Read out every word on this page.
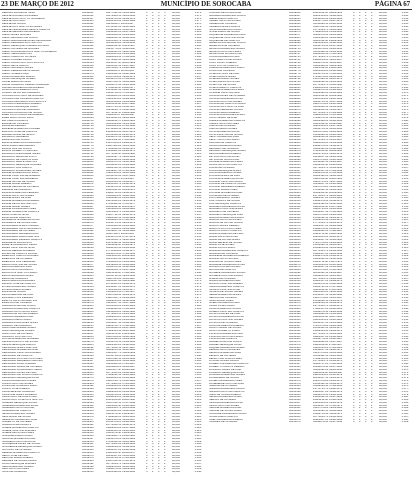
23 DE MARÇO DE 2012	MUNICÍPIO DE SOROCABA	PÁGINA 67
DEBORA SALVADOR SILVA	02348821	42277691-9P 13/03/1986	0	1	5	5	86,000	1.273º
DENISE BORGES NOGUEIRA	02348412	42372683-5P 19/05/1990	0	6	0	5	86,000	1.275º
DENISE BORTOLOTTO NOGUEIRA	02348417	28441700-9P 02/09/1976	2	0	6	3	86,000	1.276º
DENISE CASTILHO	02348425	40001523-6P 03/06/1988	4	3	3	1	86,000	1.277º
DENISE DE SOUZA	02348431	39211840-X 16/10/1987	2	4	1	6	86,000	1.278º
DENISE DOS SANTOS ESTEVES	02348441	33754121-3P 18/12/1984	4	2	1	4	86,000	1.279º
DENISE FERNANDES LEMOS CAMPOS	02348444	25598432-8P 05/11/1975	0	5	4	5	86,000	1.280º
DENISE MENDES DE ALMEIDA	02348451	41290021-2P 28/07/1989	3	3	3	2	86,000	1.281º
DIEGO ALVES BORGES	02348461	32180046-9P 22/04/1983	5	0	1	5	86,000	1.282º
DIEGO LEANDRO DE SOUZA	02348473	44980051-1P 30/08/1991	1	6	2	4	86,000	1.283º
DIEGO ALEXANDRE ALVES DE ARRUDA	02348477	40125543-7P 10/02/1988	2	4	5	0	86,000	1.284º
DIEGO FERREIRA DOS SANTOS	02348489	42190233-8P 14/09/1990	6	0	1	4	86,000	1.285º
DIEGO HENRIQUE CORREIA DA SILVA	02348491	39988114-3P 05/05/1987	4	2	4	3	86,000	1.286º
DIEGO OLIVEIRA DE MORAES	02348502	43215770-2P 11/11/1990	5	1	3	2	86,000	1.287º
DIEGO RODRIGUES DOS SANTOS ALMEIDA	02348512	45560021-0P 09/12/1991	2	5	3	3	86,000	1.288º
DIEGO VIEIRA MARTINS	02348521	38991455-6P 21/03/1986	0	6	4	3	86,000	1.289º
DIEGO CARDOSO DA SILVA	02348529	42880034-1P 17/06/1990	3	2	5	3	86,000	1.290º
DIEGO CORREA PRADO	02348535	41778622-9P 30/10/1989	4	4	0	2	86,000	1.291º
DIEGO FRANCISCO DOS SANTOS	02348544	40910117-0P 08/01/1989	6	1	2	4	86,000	1.292º
DIEGO LEITE RAMOS	02348549	39120551-5P 29/07/1987	5	3	0	3	86,000	1.293º
DIEGO MACHADO ALVES	02348561	42675230-7P 25/11/1990	2	6	3	1	86,000	1.294º
DIEGO PEREIRA DE OLIVEIRA	02348567	43991201-X 12/04/1991	1	4	6	3	86,000	1.295º
DIEGO SOARES LIMA	02348574	41003322-4P 03/02/1989	4	2	4	4	86,000	1.296º
DILMA APARECIDA BUENO	02348582	22567014-8P 19/08/1971	6	0	5	1	86,000	1.297º
DIOGO HENRIQUE GOMES	02348591	44012371-6P 27/09/1991	3	5	1	3	86,000	1.298º
DIONE BARBOSA SILVA	02348600	40087312-5P 14/06/1988	5	2	3	2	86,000	1.299º
DIRCE CAMARGO RIBEIRO ANDRADE	02348604	18620871-3P 06/10/1968	4	4	2	3	86,000	1.300º
DIRCEIA APARECIDA DE ALMEIDA	02348613	27541190-6P 22/02/1977	3	3	4	1	86,000	1.301º
DORA LUCIA PEREIRA PINTO	02348622	20156832-1P 03/12/1969	6	2	2	2	86,000	1.302º
DORACI DE FATIMA CAMARGO	02348628	19340718-0P 17/04/1967	2	4	5	2	86,000	1.303º
DOUGLAS ANTONIO DE MORAES	02348635	43345201-2P 28/05/1991	5	1	4	3	86,000	1.304º
DOUGLAS DE OLIVEIRA CAMPOS	02348641	41921455-0P 10/09/1989	3	5	2	4	86,000	1.305º
DOUGLAS EDUARDO DOS SANTOS	02348648	40344519-8P 01/03/1988	4	3	3	4	86,000	1.306º
DOUGLAS FERNANDO RIBEIRO	02348657	42110236-9P 18/07/1990	6	1	1	4	86,000	1.307º
DOUGLAS HENRIQUE PIRES	02348663	39657720-3P 26/11/1987	2	5	4	2	86,000	1.308º
DOUGLAS LIMA DE CAMARGO	02348672	44219833-7P 05/02/1992	4	4	1	3	86,000	1.309º
DOUGLAS RODRIGO DE SOUZA	02348681	40772211-5P 14/08/1988	3	2	6	2	86,000	1.310º
EDER LUIS FOGACA DE ALMEIDA	02348690	31880165-X 30/09/1982	5	3	2	3	86,000	1.311º
EDER MARTINS DA SILVA	02348694	38456621-2P 09/06/1986	1	6	3	4	86,000	1.312º
EDI CARLOS RAMOS	02348703	33908211-7P 23/01/1985	4	2	5	2	86,000	1.313º
EDIANE DE OLIVEIRA	02348710	42561024-4P 15/05/1990	6	3	0	3	86,000	1.314º
EDILAINE MENDES	02348718	43001845-6P 27/10/1990	2	5	2	4	86,000	1.315º
EDILENE APARECIDA CORREA	02348726	29712440-1P 12/03/1979	3	4	3	3	86,000	1.316º
EDILSON JOSE DE CAMPOS	02348732	24891006-9P 04/07/1974	5	1	4	2	86,000	1.317º
EDINEIA MARIA DE JESUS	02348740	26553190-3P 20/12/1976	4	3	1	5	86,000	1.318º
EDIVALDO FERREIRA	02348749	23340871-5P 08/08/1973	3	6	1	2	86,000	1.319º
EDMILSON DE SOUZA	02348756	30114562-0P 17/02/1980	6	2	3	1	86,000	1.320º
EDNA APARECIDA RODRIGUES	02348763	21447809-2P 29/09/1970	2	4	4	4	86,000	1.321º
EDNA MARIA BERNARDES	02348770	19887301-8P 13/05/1968	4	5	1	3	86,000	1.322º
EDSON LUIZ DE SOUZA	02348779	27006612-4P 01/11/1976	5	2	2	4	86,000	1.323º
EDSON ROBERTO PRESTES	02348785	25338901-6P 24/06/1975	3	3	5	2	86,000	1.324º
EDUARDO ALEXANDRE SALES	02348791	42776110-3P 06/03/1990	1	6	4	2	86,000	1.325º
EDUARDO BARBOSA PINTO	02348799	41200397-7P 19/01/1989	4	4	3	2	86,000	1.326º
EDUARDO DE CAMPOS LIMA	02348806	43668912-0P 02/08/1991	6	1	4	3	86,000	1.327º
EDUARDO FELIPE MARTINS	02348813	44120571-5P 16/12/1991	2	5	5	1	86,000	1.328º
EDUARDO HENRIQUE BORGES	02348821	40566231-8P 25/04/1988	5	3	2	3	86,000	1.329º
EDUARDO LUIZ RAMOS	02348829	39004512-1P 11/10/1986	3	4	4	2	86,000	1.330º
EDUARDO RODRIGUES NUNES	02348836	42339087-4P 07/06/1990	4	2	6	1	86,000	1.331º
ELAINE APARECIDA DA SILVA	02348842	31224509-2P 30/01/1982	6	3	1	3	86,000	1.332º
ELAINE CRISTINA DE ALMEIDA	02348850	30556781-6P 14/07/1981	2	6	2	3	86,000	1.333º
ELAINE CRISTINA FERREIRA	02348857	32908112-X 27/03/1983	5	2	3	3	86,000	1.334º
ELAINE FATIMA DE SOUZA	02348864	28001456-3P 10/09/1977	3	5	3	2	86,000	1.335º
ELAINE MARIA RIBEIRO	02348872	29445120-7P 22/02/1979	4	3	4	2	86,000	1.336º
ELAINE REGINA DE OLIVEIRA	02348878	33012378-5P 05/11/1984	1	5	5	2	86,000	1.337º
ELENICE DE CAMARGO	02348885	26110954-0P 18/04/1976	6	1	2	4	86,000	1.338º
ELIANA APARECIDA PEREIRA	02348891	24880712-8P 29/08/1974	3	4	3	3	86,000	1.339º
ELIANA CRISTINA GOMES	02348899	31665204-1P 11/12/1982	5	2	4	2	86,000	1.340º
ELIANE ALVES DE LIMA	02348906	32004891-6P 24/05/1983	2	6	1	4	86,000	1.341º
ELIANE APARECIDA MOREIRA	02348913	29878651-2P 03/10/1979	4	3	5	1	86,000	1.342º
ELIANE DE FATIMA SANTOS	02348920	27334402-9P 17/01/1977	6	2	3	2	86,000	1.343º
ELIANE MARIA NUNES	02348927	28669011-4P 28/06/1978	3	5	2	3	86,000	1.344º
ELIANE RODRIGUES PIRES	02348935	33451208-0P 08/03/1985	5	4	0	4	86,000	1.345º
ELIANE SOARES DE CAMPOS	02348941	30221984-7P 21/09/1980	2	4	4	3	86,000	1.346º
ELIAS JOSE DA SILVA	02348948	25907731-5P 04/02/1976	4	3	3	3	86,000	1.347º
ELISA MARIA PRESTES	02348956	41880122-3P 15/08/1989	6	1	5	2	86,000	1.348º
ELISABETE APARECIDA ROSA	02348962	21008843-1P 27/11/1970	3	6	2	2	86,000	1.349º
ELISABETE DE SOUZA LIMA	02348970	22334715-6P 09/05/1972	5	2	2	4	86,000	1.350º
ELISANGELA ALVES CORREA	02348977	31445960-9P 20/10/1982	1	5	4	3	86,000	1.351º
ELISANGELA CRISTINA RAMOS	02348984	32778104-2P 01/04/1984	4	4	2	3	86,000	1.352º
ELISANGELA DE OLIVEIRA	02348991	33109857-5P 13/09/1984	6	2	4	1	86,000	1.353º
ELISANGELA FERREIRA DIAS	02348999	30887412-X 26/02/1981	2	5	3	3	86,000	1.354º
ELISANGELA MARIA MARTINS	02349006	29334570-1P 07/07/1979	3	3	5	2	86,000	1.355º
ELISANGELA PEREIRA CAMPOS	02349012	32456018-7P 19/12/1983	5	4	1	3	86,000	1.356º
ELIZABETE FRANCISCO	02349020	20678432-4P 30/05/1969	4	2	5	2	86,000	1.357º
ELIZETE APARECIDA VIEIRA	02349026	23901124-0P 12/10/1973	2	6	3	2	86,000	1.358º
ELLEN CRISTINA DA SILVA	02349034	42990516-3P 24/03/1991	6	3	1	3	86,000	1.359º
ELOISA HELENA MOREIRA	02349041	27715509-8P 05/08/1977	3	4	4	2	86,000	1.360º
ELVIRA DE CAMPOS ROCHA	02349048	18230976-6P 17/01/1966	5	2	3	3	86,000	1.361º
EMERSON CARLOS BORGES	02349055	35112045-2P 28/06/1985	1	6	4	2	86,000	1.362º
EMERSON DE OLIVEIRA	02349063	36447801-9P 09/11/1985	4	5	1	3	86,000	1.363º
EMERSON LUIZ FERREIRA	02349069	37008934-5P 21/04/1986	6	1	3	3	86,000	1.364º
EMILIA CRISTINA DE SOUZA	02349077	40219008-1P 02/09/1988	2	4	5	2	86,000	1.365º
ERICA APARECIDA LIMA	02349084	41560372-4P 14/02/1989	5	3	2	3	86,000	1.366º
ERICA CRISTINA RAMOS	02349091	42003618-7P 26/07/1989	3	5	3	2	86,000	1.367º
ERICA DOS SANTOS PRADO	02349099	43115290-0P 07/12/1990	4	2	4	3	86,000	1.368º
ERICA FERNANDA ALVES	02349105	44556712-3P 19/05/1991	6	3	2	2	86,000	1.369º
ERIKA DE CAMARGO	02349113	39887123-6P 30/10/1987	2	5	4	2	86,000	1.370º
ERIKA MARIA RODRIGUES	02349120	40445917-9P 11/03/1988	5	1	3	4	86,000	1.371º
ERNANI JOSE DE CAMPOS	02349127	22790451-2P 23/08/1972	3	4	4	2	86,000	1.372º
ESTER APARECIDA NUNES	02349134	26334087-5P 04/01/1976	4	3	2	4	86,000	1.373º
ESTELA MARIA GOMES	02349142	27901562-8P 16/06/1977	1	6	3	3	86,000	1.374º
EUNICE DE SOUZA	02349148	19556204-1P 27/11/1967	6	2	4	1	86,000	1.375º
EVA APARECIDA DE LIMA	02349156	21667890-4P 10/04/1970	2	5	2	4	86,000	1.376º
EVANDRO LUIS PEREIRA	02349163	33987601-7P 22/09/1984	5	3	3	2	86,000	1.377º
EVELYN CRISTINA MARTINS	02349170	44889034-0P 03/02/1992	3	4	5	1	86,000	1.378º
EVERSON DE OLIVEIRA	02349178	41330267-3P 15/07/1989	4	2	3	4	86,000	1.379º
FABIANA ALVES DE SOUZA	02349185	32556109-6P 26/12/1983	6	1	4	2	86,000	1.380º
FABIANA APARECIDA CAMPOS	02349192	33098432-9P 07/06/1984	2	6	2	3	86,000	1.381º
FABIANA CRISTINA DA SILVA	02349200	34445208-2P 19/11/1984	5	3	1	4	86,000	1.382º
FABIANA DE FATIMA RIBEIRO	02349207	31778045-5P 01/05/1982	3	5	3	2	86,000	1.383º
FABIANA FERREIRA LIMA	02349213	32889103-8P 12/10/1983	4	4	2	3	86,000	1.384º
FABIANA MARIA PRADO	02349221	35667042-1P 24/03/1985	6	2	3	2	86,000	1.385º
FABIANA RODRIGUES ALVES	02349228	36009817-4P 05/09/1985	2	4	4	3	86,000	1.386º
FABIANO DE CAMARGO	02349235	33223760-7P 17/02/1984	5	2	5	1	86,000	1.387º
FABIO ALEXANDRE NUNES	02349242	34556012-0P 28/07/1984	3	6	1	3	86,000	1.388º
FABIO HENRIQUE GOMES	02349249	37889104-3P 08/12/1986	4	3	4	2	86,000	1.389º
FABIO LUIZ DE OLIVEIRA	02349257	30112876-6P 21/05/1980	6	1	2	4	86,000	1.390º
FABRICIO DOS SANTOS	02349264	41667209-9P 01/11/1989	2	5	4	2	86,000	1.391º
FATIMA APARECIDA MOREIRA	02349270	20990312-2P 13/04/1969	5	3	2	3	86,000	1.392º
FELIPE AUGUSTO DE SOUZA	02349278	45012378-5P 25/09/1991	3	4	3	3	86,000	1.393º
FELIPE HENRIQUE RAMOS	02349285	44003451-8P 06/02/1991	4	2	6	1	86,000	1.394º
FERNANDA ALVES MARTINS	02349292	39771062-1P 18/07/1987	6	3	2	2	86,000	1.395º
FERNANDA APARECIDA LIMA	02349299	40889215-4P 30/12/1988	2	6	3	2	86,000	1.396º
FERNANDA CRISTINA BORGES	02349306	41225607-7P 11/06/1989	5	2	4	2	86,000	1.397º
FERNANDA DE CAMPOS	02349313	42556730-0P 23/11/1989	3	5	2	3	86,000	1.398º
FERNANDA DOS SANTOS PIRES	02349321	43667891-3P 04/05/1990	4	3	4	2	86,000	1.399º
FERNANDA FERREIRA PRESTES	02349327	38890214-6P 16/10/1986	1	6	4	2	86,000	1.400º
FERNANDA LUIZA CORREA	02349335	39445602-9P 27/03/1987	6	2	3	2	86,000	1.401º
FERNANDA MARIA DE OLIVEIRA	02349341	40001289-2P 08/09/1987	2	4	5	2	86,000	1.402º
FERNANDA RODRIGUES VIEIRA	02349349	41112367-5P 20/02/1988	5	3	3	2	86,000	1.403º
FERNANDO ALVES DE LIMA	02349356	36778451-8P 01/08/1985	3	5	2	3	86,000	1.404º
FERNANDO DE SOUZA CAMPOS	02349363	37889012-1P 13/01/1986	4	2	4	3	86,000	1.405º
FERNANDO HENRIQUE ROSA	02349370	38990145-4P 25/06/1986	6	1	3	3	86,000	1.406º
FLAVIA APARECIDA GOMES	02349378	33667230-7P 05/12/1984	2	5	4	2	86,000	1.407º
FLAVIA CRISTINA NUNES	02349384	34778901-0P 17/05/1985	5	3	2	3	86,000	1.408º
FLAVIA DE OLIVEIRA PRADO	02349392	35889034-3P 29/10/1985	3	4	3	3	86,000	1.409º
FLAVIO JOSE RIBEIRO	02349399	30445612-6P 10/04/1981	4	3	5	1	86,000	1.410º
FRANCIELE DE CAMARGO	02349406	44889126-9P 22/09/1991	6	2	2	3	86,000	1.411º
FRANCINE ALVES MOREIRA	02349413	43556789-2P 03/03/1991	2	6	2	3	86,000	1.412º
FRANCISCO DE ASSIS LIMA	02349420	18990234-5P 15/08/1966	5	2	4	2	86,000	1.413º
FRANCISCO JOSE DOS SANTOS	02349427	20112356-8P 26/01/1968	3	5	3	2	86,000	1.414º
GABRIEL HENRIQUE SOUZA	02349434	45667012-1P 07/07/1992	4	3	4	2	86,000	1.415º
GABRIELA APARECIDA ROSA	02349442	44112309-4P 19/12/1991	1	6	3	3	86,000	1.416º
GABRIELA CRISTINA LIMA	02349448	43001456-7P 30/05/1990	6	2	3	2	86,000	1.417º
GABRIELA DE CAMPOS	02349456	42556003-0P 11/11/1989	2	4	4	3	86,000	1.418º
GEISA APARECIDA NUNES	02349463	39112378-3P 23/04/1987	5	3	3	2	86,000	1.419º
GENI MARIA DE SOUZA	02349470	17889012-6P 04/10/1965	3	5	2	3	86,000	1.420º
GERALDO APARECIDO LIMA	02349477	19223456-9P 16/03/1967	4	2	5	2	86,000	1.421º
GILBERTO DE OLIVEIRA	02349485	20556789-2P 28/08/1968	6	1	4	2	86,000	1.422º
GILMAR ALVES RAMOS	02349491	22778012-5P 08/02/1971	2	6	2	3	86,000	1.423º
GISELE APARECIDA CAMPOS	02349499	33889456-8P 20/07/1984	5	3	3	2	86,000	1.424º
GISELE CRISTINA BORGES	02349506	34990123-1P 01/01/1985	3	4	4	2	86,000	1.425º
GISELE DE FATIMA PIRES	02349513	35112678-4P 13/06/1985	4	3	2	4	86,000	1.426º
GISLAINE MARIA PRADO	02349520	36223901-7P 25/11/1985	6	2	3	2	86,000	1.427º
GLAUCIA APARECIDA LIMA	02349527	31445678-0P 06/05/1982	2	5	3	3	86,000	1.428º
GRAZIELA CRISTINA ROSA	02349535	37556012-3P 18/10/1986	5	1	5	2	86,000	1.429º
GUILHERME ALVES DE SOUZA	02349541	44778901-6P 29/03/1991	3	6	2	2	86,000	1.430º
GUILHERME HENRIQUE NUNES	02349549	45889034-9P 10/09/1991	4	3	4	2	86,000	1.431º
GUSTAVO DE OLIVEIRA	02349556	43990167-2P 22/02/1990	6	2	2	3	86,000	1.432º
HELENA APARECIDA CAMPOS	02349563	21112345-5P 03/08/1970	2	4	5	2	86,000	1.433º
HELIO JOSE DE LIMA	02349570	18334567-8P 15/01/1966	5	3	3	2	86,000	1.434º
HELOISA MARIA RIBEIRO	02349578	40556789-1P 27/06/1988	3	5	2	3	86,000	1.435º
HERMES DE SOUZA PRADO	02349584	24667012-4P 07/12/1974	4	2	4	3	86,000	1.436º
HUGO HENRIQUE BORGES	02349592	42778034-7P 19/05/1990	1	6	4	2	86,000	1.437º
IARA APARECIDA GOMES	02349599	32889156-0P 30/10/1983	6	3	1	3	86,000	1.438º
IARA CRISTINA PIRES	02349606	33990278-3P 11/04/1984	2	5	4	2	86,000	1.439º
IGOR DE CAMARGO	02349613	45001390-6P 23/09/1991	5	2	3	3	86,000	1.440º
IOLANDA DE FATIMA LIMA	02349620	20112412-9P 04/03/1969	3	4	4	2	86,000	1.441º
IRACEMA APARECIDA SOUZA	02349627	18223534-2P 16/08/1966	4	3	2	4	86,000	1.442º
IRENE MARIA CAMPOS	02349635	19334656-5P 28/01/1968	6	1	5	1	86,000	1.443º
ISABEL CRISTINA NUNES	02349641	26445778-8P 08/07/1976	2	6	3	2	86,000	1.444º
ISABELA DE OLIVEIRA	02349649	44556890-1P 20/12/1991	5	3	2	3	86,000	1.445º
ISABELLA ALVES RAMOS	02349656	45667912-4P 01/06/1992	3	4	4	2	86,000	1.446º
IVANA APARECIDA PRADO	02349663	31778134-7P 13/11/1982	4	2	5	2	86,000	1.447º
IVONE MARIA DE SOUZA	02349670	17889256-0P 25/04/1965	6	2	2	3	86,000	1.448º
JAQUELINE APARECIDA LIMA	02349677	40990378-3P 06/10/1988	2	5	4	2	86,000	1.449º
JAQUELINE CRISTINA ROSA	02349685	41001490-6P 18/03/1989	5	3	3	2	86,000	1.450º
JAQUELINE DE CAMPOS	02349691	42112512-9P 29/08/1989	3	6	1	3	86,000	1.451º
JEFERSON ALVES DE SOUZA	02349699	43223634-2P 10/02/1990	4	3	4	2	86,000	1.452º
JEFERSON DE OLIVEIRA	02349706	44334756-5P 22/07/1990	6	1	3	3	86,000	1.453º
JESSICA APARECIDA NUNES	02349713	45445878-8P 03/01/1991	2	4	5	2	86,000	1.454º
JESSICA CRISTINA PIRES	02349720	45556990-1P 15/06/1991	5	2	4	2	86,000	1.455º
JESSICA DE FATIMA ROSA	02349727	44668012-4P 27/11/1991	3	5	2	3	86,000	1.456º
JOANA APARECIDA LIMA	02349735	21779134-7P 07/05/1970	4	4	3	2	86,000	1.457º
JOAO CARLOS DE SOUZA	02349741	19880256-0P 19/10/1967	6	2	3	2	86,000	1.458º
JOAO PAULO RIBEIRO	02349749	38991378-3P 30/03/1987	1	6	3	3	86,000	1.459º
JOAO VICTOR CAMPOS	02349756	45002490-6P 11/09/1992	5	3	2	3	86,000	1.460º
JOELMA APARECIDA PRADO	02349763	33113512-9P 23/02/1984	3	4	4	2	86,000	1.461º
JONAS DE OLIVEIRA	02349770	34224634-2P 05/08/1984	4	2	5	2	86,000	1.462º
JOSE ANTONIO DE LIMA	02349778	16335756-5P 17/01/1964	6	3	1	3	86,000	1.463º
JOSE CARLOS ALVES	02349784	17446878-8P 28/06/1965	2	5	3	3	86,000	1.464º
JOSE EDUARDO NUNES	02349792	23557990-1P 08/12/1972	5	2	3	3	86,000	1.465º
JOSE FRANCISCO ROSA	02349799	18669012-4P 20/05/1966	3	6	2	2	86,000	1.466º
JOSE LUIZ DE SOUZA	02349806	20770134-7P 01/11/1968	4	3	4	2	86,000	1.467º
JOSE ROBERTO CAMPOS	02349813	21881256-0P 13/04/1970	6	1	4	2	86,000	1.468º
JOSIANE APARECIDA PIRES	02349820	35992378-3P 25/09/1985	2	4	4	3	86,000	1.469º
JOSIANE CRISTINA LIMA	02349827	36003490-6P 06/03/1986	5	3	3	2	86,000	1.470º
JULIANA ALVES DE OLIVEIRA	02349835	40114512-9P 18/08/1988	3	5	2	3	86,000	1.471º
JULIANA APARECIDA ROSA	02349841	41225634-2P 29/01/1989	4	2	5	2	86,000	1.472º
JULIANA CRISTINA NUNES	02349849	42336756-5P 10/07/1989	6	2	3	2	86,000	1.473º
JULIANA DE CAMPOS PRADO	02349856	43447878-8P 22/12/1989	2	6	2	3	86,000	1.474º
JULIANA DOS SANTOS LIMA	02349863	44558990-1P 03/06/1990	5	3	3	2	86,000	1.475º
JULIANA FERREIRA SOUZA	02349870	39669012-4P 15/11/1987	3	4	4	2	86,000	1.476º
JULIANA MARIA RIBEIRO	02349878	40770134-7P 27/04/1988	4	3	2	4	86,000	1.477º
JULIANA RODRIGUES ALVES	02349884	41881256-0P 07/10/1988	1	6	4	2	86,000	1.478º
JULIO CESAR DE LIMA	02349892	37992378-3P 19/03/1986	6	2	2	3	86,000	1.479º
KAREN APARECIDA CAMPOS	02349899	44003490-6P 30/08/1991	2	5	4	2	86,000	1.480º
KAREN CRISTINA PIRES	02349906	45114512-9P 11/02/1992	5	3	2	3	86,000	1.481º
KARINA DE OLIVEIRA	02349913	42225634-2P 23/07/1990	3	4	4	2	86,000	1.482º
KARINA MARIA NUNES	02349920	43336756-5P 04/01/1991	4	2	4	3	86,000	1.483º
KATIA APARECIDA ROSA	02349927	30447878-8P 16/06/1981	6	3	1	3	86,000	1.484º
KATIA CRISTINA DE SOUZA	02349935	31558990-1P 28/11/1981	2	4	5	2	86,000	1.485º
KELLY APARECIDA LIMA	02349941	38669012-4P 08/05/1987	5	2	3	3	86,000	1.486º
KELLY CRISTINA PRADO	02349949	39770134-7P 20/10/1987	3	6	2	2	86,000	1.487º
LARISSA DE CAMPOS	02349956	45881256-0P 01/04/1992	4	3	3	3	86,000	1.488º
LAURA APARECIDA ALVES	02349963	24992378-3P 13/09/1974	6	1	4	2	86,000	1.489º
LEANDRO DE OLIVEIRA	02349970	36003591-6P 25/02/1986	2	5	3	3	86,000	1.490º
LEANDRO HENRIQUE NUNES	02349978	37114613-9P 06/08/1986	5	3	2	3	86,000	1.491º
LEIA APARECIDA RIBEIRO	02349984	28225735-2P 18/01/1978	3	4	5	1	86,000	1.492º
LETICIA CRISTINA ROSA	02349992	44336857-5P 29/06/1991	4	2	4	3	86,000	1.493º
LETICIA DE SOUZA LIMA	02349999	45447979-8P 10/12/1991	6	2	3	2	86,000	1.494º
LIDIANE APARECIDA PIRES	02350006	38558091-1P 22/05/1987	2	6	2	3	86,000	1.495º
LILIAN CRISTINA CAMPOS	02350013	33669113-4P 03/11/1984	5	3	3	2	86,000	1.496º
LUANA DE OLIVEIRA	02350020	44770235-7P 15/04/1991	3	4	4	2	86,000	1.497º
LUCAS HENRIQUE ALVES	02350027	45881357-0P 27/09/1992	4	3	2	4	86,000	1.498º
LUCIA APARECIDA NUNES	02350035	19992479-3P 07/03/1968	1	6	4	2	86,000	1.499º
LUCIANA ALVES DE LIMA	02350041	32003591-6P 19/08/1983	6	2	3	2	86,000	1.500º
LUCIANA APARECIDA ROSA	02350049	33114613-9P 30/01/1984	2	5	4	2	86,000	1.501º
LUCIANA CRISTINA PRADO	02350056	34225735-2P 12/07/1984	5	3	2	3	86,000	1.502º
LUCIANA DE CAMPOS SOUZA	02350063	35336857-5P 23/12/1984	3	4	3	3	86,000	1.503º
LUCIANA FERREIRA RIBEIRO	02350070	36447979-8P 04/06/1985	4	2	5	2	86,000	1.504º
LUCIANA MARIA PIRES	02350078	37558091-1P 16/11/1985	6	3	1	3	86,000	1.505º
LUCIANE APARECIDA LIMA	02350084	30669113-4P 28/04/1981	2	4	5	2	86,000	1.506º
LUCIMARA DE OLIVEIRA	02350092	29770235-7P 08/10/1980	5	2	3	3	86,000	1.507º
LUIS FERNANDO NUNES	02350099	40881357-0P 20/03/1988	3	6	2	2	86,000	1.508º
LUIZ CARLOS DE SOUZA	02350106	21992479-3P 01/09/1970	4	3	3	3	86,000	1.509º
LUIZ HENRIQUE CAMPOS	02350113	42003591-6P 13/02/1990	6	1	4	2	86,000	1.510º
MARCELA APARECIDA ROSA	02350120	43114613-9P 25/07/1990	2	5	3	3	86,000	1.511º
MARCELA CRISTINA ALVES	02350127	44225735-2P 05/01/1991	5	3	2	3	86,000	1.512º
MARCELO DE OLIVEIRA	02350135	35336957-5P 17/06/1985	3	4	5	1	86,000	1.513º
MARCELO HENRIQUE LIMA	02350141	36447079-8P 29/11/1985	4	2	4	3	86,000	1.514º
MARCIA APARECIDA PRADO	02350149	25558191-1P 09/05/1975	6	2	3	2	86,000	1.515º
MARCIA CRISTINA NUNES	02350156	26669213-4P 21/10/1975	2	6	2	3	86,000	1.516º
MARCIA DE FATIMA SOUZA	02350163	27770335-7P 02/04/1976	5	3	3	2	86,000	1.517º
MARCIO ALVES RIBEIRO	02350170	32881457-0P 14/09/1983	3	4	4	2	86,000	1.518º
MARCOS ANTONIO PIRES	02350178	23992579-3P 26/02/1973	4	3	2	4	86,000	1.519º
MARCOS PAULO CAMPOS	02350184	39003691-6P 07/08/1987	1	6	4	2	86,000	1.520º
MARIA APARECIDA DE LIMA	02350192	16114713-9P 19/01/1964	6	2	3	2	86,000	1.521º
MARIA CRISTINA ROSA	02350199	22225835-2P 30/06/1971	2	5	4	2	86,000	1.522º
MARIA DE FATIMA ALVES	02350206	18336957-5P 11/12/1966	5	3	2	3	86,000	1.523º
MARIA HELENA DE SOUZA	02350213	17447079-8P 23/05/1965	3	4	3	3	86,000	1.524º
MARIA JOSE NUNES	02350220	19558191-1P 04/11/1967	4	2	5	2	86,000	1.525º
MARIA LUCIA PRADO	02350227	20669213-4P 16/04/1969	6	3	1	3	86,000	1.526º
MARIANA APARECIDA CAMPOS	02350235	44770335-7P 28/09/1991	2	4	5	2	86,000	1.527º
MARIANA DE OLIVEIRA	02350241	45881457-0P 09/03/1992	5	2	3	3	86,000	1.528º
MARILENE APARECIDA RIBEIRO	02350249	21992579-3P 21/08/1970	3	6	2	2	86,000	1.529º
MARINA CRISTINA LIMA	02350256	43003691-6P 01/02/1990	4	3	3	3	86,000	1.530º
MARISA DE SOUZA PIRES	02350263	24114713-9P 13/07/1974	6	1	4	2	86,000	1.531º
MARLENE APARECIDA ROSA	02350270	18225835-2P 24/12/1966	2	5	3	3	86,000	1.532º
MAURICIO ALVES NUNES	02350278	34336957-5P 05/06/1984	5	3	2	3	86,000	1.533º
MAYARA DE CAMPOS	02350284	45447079-8P 17/11/1991	3	4	5	1	86,000	1.534º
MICHELE APARECIDA SOUZA	02350292	38558191-1P 29/04/1987	4	2	4	3	86,000	1.535º
MICHELE CRISTINA PRADO	02350299	39669213-4P 10/10/1987	6	2	3	2	86,000	1.536º
MILENA DE OLIVEIRA	02350306	44770435-7P 22/03/1991	2	6	2	3	86,000	1.537º
MIRIAM APARECIDA LIMA	02350313	22881557-0P 03/09/1972	5	3	3	2	86,000	1.538º
MONICA CRISTINA RIBEIRO	02350320	31992679-3P 15/02/1982	3	4	4	2	86,000	1.539º
NADIA APARECIDA CAMPOS	02350327	33003791-6P 27/07/1983	4	3	2	4	86,000	1.540º
NATALIA CRISTINA ROSA	02350335	45114813-9P 07/01/1992	1	6	4	2	86,000	1.541º
NATALIA DE SOUZA NUNES	02350341	44225935-2P 19/06/1991	6	2	3	2	86,000	1.542º
NEIDE APARECIDA ALVES	02350349	20336057-5P 31/11/1968	2	5	4	2	86,000	1.543º
NELSON DE OLIVEIRA	02350356	19447179-8P 12/05/1967	5	3	2	3	86,000	1.544º
NILZA MARIA PIRES	02350363	21558291-1P 23/10/1970	3	4	3	3	86,000	1.545º
NOEMI APARECIDA LIMA	02350370	26669313-4P 04/04/1976	4	2	5	2	86,000	1.546º
ODAIR JOSE PRADO	02350378	23770435-7P 16/09/1973	6	3	1	3	86,000	1.547º
OLGA APARECIDA SOUZA	02350384	17881557-0P 28/02/1965	2	4	5	2	86,000	1.548º
PAMELA CRISTINA CAMPOS	02350392	45992679-3P 09/08/1992	5	2	3	3	86,000	1.549º
PATRICIA ALVES DE LIMA	02350399	33003891-6P 21/01/1983	3	6	2	2	86,000	1.550º
PATRICIA APARECIDA ROSA	02350406	34114913-9P 02/07/1983	4	3	3	3	86,000	1.551º
PATRICIA CRISTINA NUNES	02350413	35225035-2P 14/12/1983	6	1	4	2	86,000	1.552º
PATRICIA DE OLIVEIRA	02350420	36336157-5P 25/05/1984	2	5	3	3	86,000	1.553º
PAULA APARECIDA RIBEIRO	02350427	37447279-8P 06/11/1984	5	3	2	3	86,000	1.554º
PAULO CESAR DE SOUZA	02350435	22558391-1P 18/04/1971	3	4	5	1	86,000	1.555º
PAULO ROBERTO PIRES	02350441	23669413-4P 29/09/1971	4	2	4	3	86,000	1.556º
PRISCILA APARECIDA LIMA	02350449	38770535-7P 10/03/1986	6	2	3	2	86,000	1.557º
PRISCILA CRISTINA PRADO	02350456	39881657-0P 22/08/1986	2	6	2	3	86,000	1.558º
PRISCILA DE CAMPOS	02350463	40992779-3P 03/02/1987	5	3	3	2	86,000	1.559º
RAFAEL ALVES DE SOUZA	02350470	42003891-6P 15/07/1987	3	4	4	2	86,000	1.560º
RAFAEL HENRIQUE ROSA	02350478	43114013-9P 27/12/1987	4	3	2	4	86,000	1.561º
RAQUEL APARECIDA NUNES	02350484	31225135-2P 07/06/1981	1	6	4	2	86,000	1.562º
REGINA CRISTINA ALVES	02350492	24336257-5P 19/11/1974	6	2	3	2	86,000	1.563º
RENATA APARECIDA LIMA	02350499	35447379-8P 01/05/1984	2	5	4	2	86,000	1.564º
RENATA DE OLIVEIRA	02350506	36558491-1P 12/10/1984	5	3	2	3	86,000	1.565º
RENATO DE SOUZA PIRES	02350513	37669513-4P 24/03/1985	3	4	3	3	86,000	1.566º
RITA DE CASSIA PRADO	02350520	25770635-7P 05/09/1975	4	2	5	2	86,000	1.567º
ROBERTA APARECIDA CAMPOS	02350527	38881757-0P 17/02/1986	6	3	1	3	86,000	1.568º
ROBERTO CARLOS RIBEIRO	02350535	20992879-3P 28/07/1968	2	4	5	2	86,000	1.569º
RODRIGO ALVES DE LIMA	02350541	42003991-6P 08/01/1990	5	2	3	3	86,000	1.570º
RODRIGO HENRIQUE ROSA	02350549	43114113-9P 20/06/1990	3	6	2	2	86,000	1.571º
ROSANA APARECIDA NUNES	02350556	29225235-2P 01/12/1979	4	3	3	3	86,000	1.572º
ROSANGELA DE SOUZA	02350563	28336357-5P 13/05/1978	6	1	4	2	86,000	1.573º
ROSELI APARECIDA PIRES	02350570	22447479-8P 24/10/1971	2	5	3	3	86,000	1.574º
ROSEMEIRE CRISTINA LIMA	02350578	24558591-1P 05/04/1973	5	3	2	3	86,000	1.575º
SABRINA DE OLIVEIRA	02350584	45669613-4P 17/09/1992	3	4	5	1	86,000	1.576º
SANDRA APARECIDA PRADO	02350592	23770735-7P 29/02/1972	4	2	4	3	86,000	1.577º
SANDRA CRISTINA CAMPOS	02350599	24881857-0P 10/08/1973	6	2	3	2	86,000	1.578º
SARA DE SOUZA RIBEIRO	02350606	44992979-3P 22/01/1991	2	6	2	3	86,000	1.579º
SELMA APARECIDA ALVES	02350613	21003091-6P 03/07/1969	5	3	3	2	86,000	1.580º
SERGIO DE OLIVEIRA	02350620	22114213-9P 15/12/1969	3	4	4	2	86,000	1.581º
SILVANA APARECIDA ROSA	02350627	29225335-2P 26/05/1979	4	3	2	4	86,000	1.582º
SILVIA CRISTINA NUNES	02350635	30336457-5P 07/11/1979	1	6	4	2	86,000	1.583º
SIMONE APARECIDA LIMA	02350641	31447579-8P 19/04/1980	6	2	3	2	86,000	1.584º
SIMONE DE SOUZA PIRES	02350649	32558691-1P 30/09/1980	2	5	4	2	86,000	1.585º
SOLANGE APARECIDA PRADO	02350656	25669713-4P 11/03/1975	5	3	2	3	86,000	1.586º
SONIA MARIA CAMPOS	02350663	18770835-7P 23/08/1966	3	4	3	3	86,000	1.587º
SUELI APARECIDA RIBEIRO	02350670	20881957-0P 04/02/1968	4	2	5	2	86,000	1.588º
TAMIRES DE OLIVEIRA	02350678	45992079-3P 16/07/1992	6	3	1	3	86,000	1.589º
